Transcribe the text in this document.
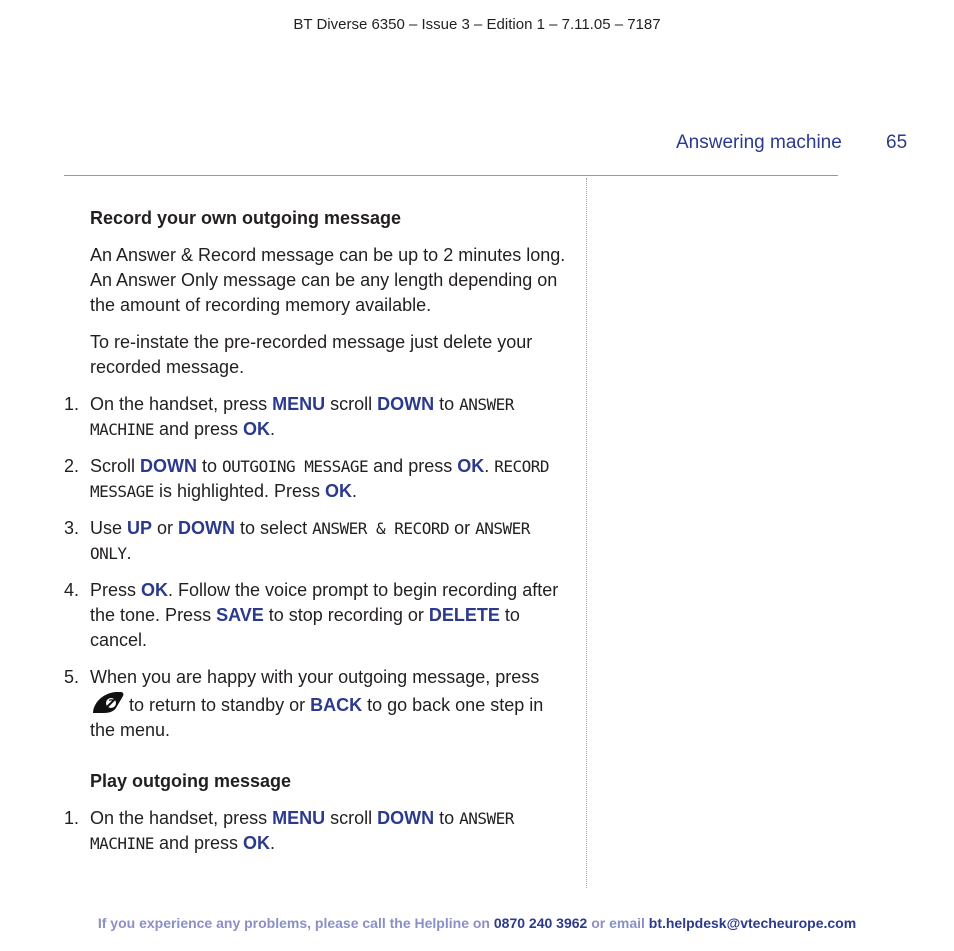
BT Diverse 6350 – Issue 3 – Edition 1 – 7.11.05 – 7187
Answering machine 65
Record your own outgoing message

An Answer & Record message can be up to 2 minutes long. An Answer Only message can be any length depending on the amount of recording memory available.

To re-instate the pre-recorded message just delete your recorded message.

1. On the handset, press MENU scroll DOWN to ANSWER MACHINE and press OK.
2. Scroll DOWN to OUTGOING MESSAGE and press OK. RECORD MESSAGE is highlighted. Press OK.
3. Use UP or DOWN to select ANSWER & RECORD or ANSWER ONLY.
4. Press OK. Follow the voice prompt to begin recording after the tone. Press SAVE to stop recording or DELETE to cancel.
5. When you are happy with your outgoing message, press  to return to standby or BACK to go back one step in the menu.
Play outgoing message
1. On the handset, press MENU scroll DOWN to ANSWER MACHINE and press OK.
If you experience any problems, please call the Helpline on 0870 240 3962 or email bt.helpdesk@vtecheurope.com
